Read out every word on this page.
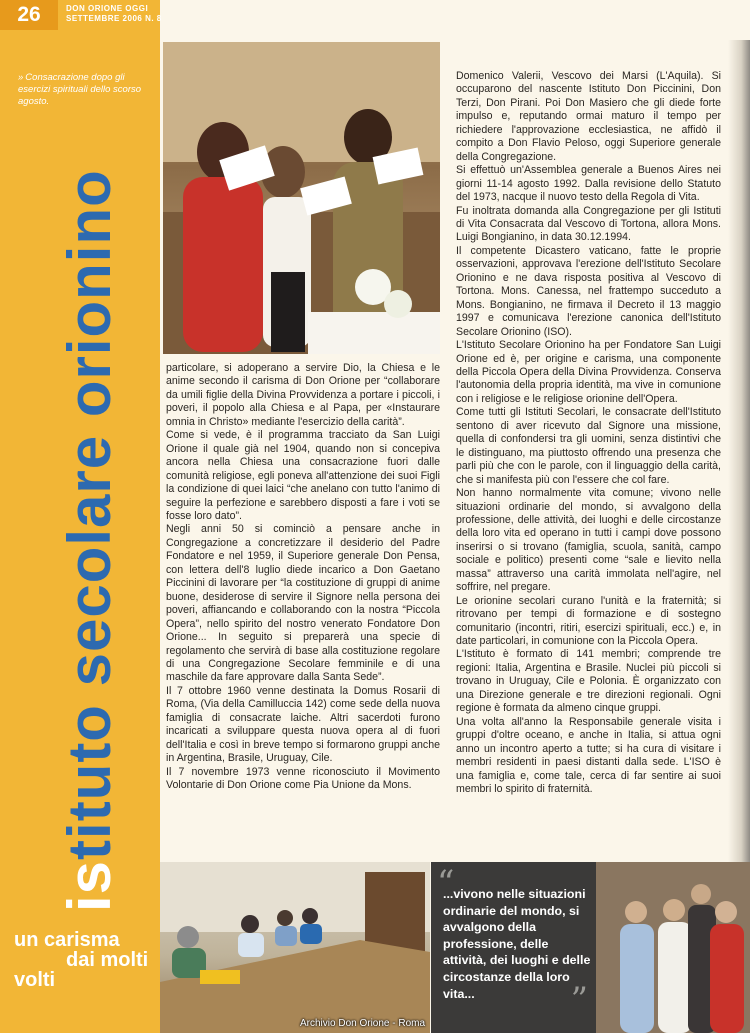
26	DON ORIONE OGGI
SETTEMBRE 2006 N. 8
» Consacrazione dopo gli esercizi spirituali dello scorso agosto.
istituto secolare orionino
un carisma

dai molti
volti

particolare, si adoperano a servire Dio, la Chiesa e le anime secondo il carisma di Don Orione per “collaborare da umili figlie della Divina Provvidenza a portare i piccoli, i poveri, il popolo alla Chiesa e al Papa, per «Instaurare omnia in Christo» mediante l'esercizio della carità”.

Come si vede, è il programma tracciato da San Luigi Orione il quale già nel 1904, quando non si concepiva ancora nella Chiesa una consacrazione fuori dalle comunità religiose, egli poneva all'attenzione dei suoi Figli la condizione di quei laici “che anelano con tutto l'animo di seguire la perfezione e sarebbero disposti a fare i voti se fosse loro dato”.

Negli anni 50 si cominciò a pensare anche in Congregazione a concretizzare il desiderio del Padre Fondatore e nel 1959, il Superiore generale Don Pensa, con lettera dell'8 luglio diede incarico a Don Gaetano Piccinini di lavorare per “la costituzione di gruppi di anime buone, desiderose di servire il Signore nella persona dei poveri, affiancando e collaborando con la nostra “Piccola Opera”, nello spirito del nostro venerato Fondatore Don Orione... In seguito si preparerà una specie di regolamento che servirà di base alla costituzione regolare di una Congregazione Secolare femminile e di una maschile da fare approvare dalla Santa Sede”.

Il 7 ottobre 1960 venne destinata la Domus Rosarii di Roma, (Via della Camilluccia 142) come sede della nuova famiglia di consacrate laiche. Altri sacerdoti furono incaricati a sviluppare questa nuova opera al di fuori dell'Italia e così in breve tempo si formarono gruppi anche in Argentina, Brasile, Uruguay, Cile.

Il 7 novembre 1973 venne riconosciuto il Movimento Volontarie di Don Orione come Pia Unione da Mons.

Domenico Valerii, Vescovo dei Marsi (L'Aquila). Si occuparono del nascente Istituto Don Piccinini, Don Terzi, Don Pirani. Poi Don Masiero che gli diede forte impulso e, reputando ormai maturo il tempo per richiedere l'approvazione ecclesiastica, ne affidò il compito a Don Flavio Peloso, oggi Superiore generale della Congregazione.

Si effettuò un'Assemblea generale a Buenos Aires nei giorni 11-14 agosto 1992. Dalla revisione dello Statuto del 1973, nacque il nuovo testo della Regola di Vita.

Fu inoltrata domanda alla Congregazione per gli Istituti di Vita Consacrata dal Vescovo di Tortona, allora Mons. Luigi Bongianino, in data 30.12.1994.

Il competente Dicastero vaticano, fatte le proprie osservazioni, approvava l'erezione dell'Istituto Secolare Orionino e ne dava risposta positiva al Vescovo di Tortona. Mons. Canessa, nel frattempo succeduto a Mons. Bongianino, ne firmava il Decreto il 13 maggio 1997 e comunicava l'erezione canonica dell'Istituto Secolare Orionino (ISO).

L'Istituto Secolare Orionino ha per Fondatore San Luigi Orione ed è, per origine e carisma, una componente della Piccola Opera della Divina Provvidenza. Conserva l'autonomia della propria identità, ma vive in comunione con i religiose e le religiose orionine dell'Opera.

Come tutti gli Istituti Secolari, le consacrate dell'Istituto sentono di aver ricevuto dal Signore una missione, quella di confondersi tra gli uomini, senza distintivi che le distinguano, ma piuttosto offrendo una presenza che parli più che con le parole, con il linguaggio della carità, che si manifesta più con l'essere che col fare.

Non hanno normalmente vita comune; vivono nelle situazioni ordinarie del mondo, si avvalgono della professione, delle attività, dei luoghi e delle circostanze della loro vita ed operano in tutti i campi dove possono inserirsi o si trovano (famiglia, scuola, sanità, campo sociale e politico) presenti come “sale e lievito nella massa” attraverso una carità immolata nell'agire, nel soffrire, nel pregare.

Le orionine secolari curano l'unità e la fraternità; si ritrovano per tempi di formazione e di sostegno comunitario (incontri, ritiri, esercizi spirituali, ecc.) e, in date particolari, in comunione con la Piccola Opera.

L'Istituto è formato di 141 membri; comprende tre regioni: Italia, Argentina e Brasile. Nuclei più piccoli si trovano in Uruguay, Cile e Polonia. È organizzato con una Direzione generale e tre direzioni regionali. Ogni regione è formata da almeno cinque gruppi.

Una volta all'anno la Responsabile generale visita i gruppi d'oltre oceano, e anche in Italia, si attua ogni anno un incontro aperto a tutte; si ha cura di visitare i membri residenti in paesi distanti dalla sede. L'ISO è una famiglia e, come tale, cerca di far sentire ai suoi membri lo spirito di fraternità.

“
...vivono nelle situazioni ordinarie del mondo, si avvalgono della professione, delle attività, dei luoghi e delle circostanze della loro vita...	”
Archivio Don Orione - Roma
